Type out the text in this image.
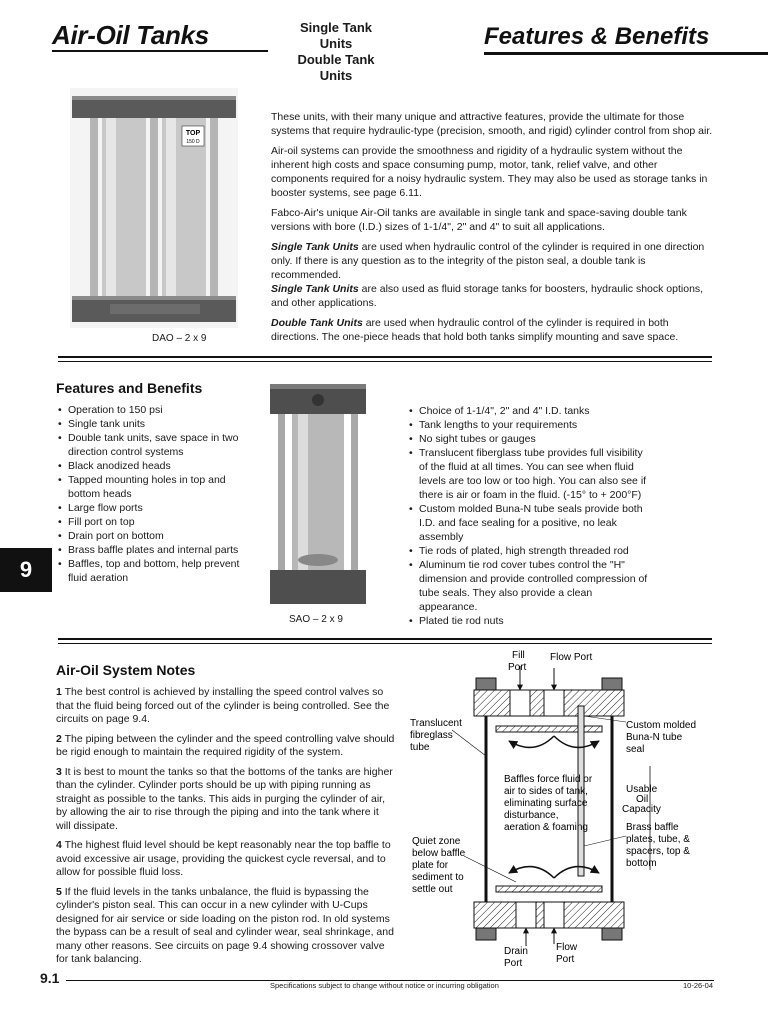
Air-Oil Tanks	Single Tank Units
Double Tank Units
Features & Benefits
TOP
150 D
DAO – 2 x 9

These units, with their many unique and attractive features, provide the ultimate for those systems that require hydraulic-type (precision, smooth, and rigid) cylinder control from shop air.

Air-oil systems can provide the smoothness and rigidity of a hydraulic system without the inherent high costs and space consuming pump, motor, tank, relief valve, and other components required for a noisy hydraulic system. They may also be used as storage tanks in booster systems, see page 6.11.

Fabco-Air's unique Air-Oil tanks are available in single tank and space-saving double tank versions with bore (I.D.) sizes of 1-1/4", 2" and 4" to suit all applications.

Single Tank Units are used when hydraulic control of the cylinder is required in one direction only. If there is any question as to the integrity of the piston seal, a double tank is recommended.
Single Tank Units are also used as fluid storage tanks for boosters, hydraulic shock options, and other applications.

Double Tank Units are used when hydraulic control of the cylinder is required in both directions. The one-piece heads that hold both tanks simplify mounting and save space.

Features and Benefits
• Operation to 150 psi
• Single tank units
• Double tank units, save space in two direction control systems
• Black anodized heads
• Tapped mounting holes in top and bottom heads
• Large flow ports
• Fill port on top
• Drain port on bottom
• Brass baffle plates and internal parts
• Baffles, top and bottom, help prevent fluid aeration
SAO – 2 x 9
• Choice of 1-1/4", 2" and 4" I.D. tanks
• Tank lengths to your requirements
• No sight tubes or gauges
• Translucent fiberglass tube provides full visibility of the fluid at all times. You can see when fluid levels are too low or too high. You can also see if there is air or foam in the fluid. (-15° to + 200°F)
• Custom molded Buna-N tube seals provide both I.D. and face sealing for a positive, no leak assembly
• Tie rods of plated, high strength threaded rod
• Aluminum tie rod cover tubes control the "H" dimension and provide controlled compression of tube seals. They also provide a clean appearance.
• Plated tie rod nuts
9
Air-Oil System Notes

1 The best control is achieved by installing the speed control valves so that the fluid being forced out of the cylinder is being controlled. See the circuits on page 9.4.

2 The piping between the cylinder and the speed controlling valve should be rigid enough to maintain the required rigidity of the system.

3 It is best to mount the tanks so that the bottoms of the tanks are higher than the cylinder. Cylinder ports should be up with piping running as straight as possible to the tanks. This aids in purging the cylinder of air, by allowing the air to rise through the piping and into the tank where it will dissipate.

4 The highest fluid level should be kept reasonably near the top baffle to avoid excessive air usage, providing the quickest cycle reversal, and to allow for possible fluid loss.

5 If the fluid levels in the tanks unbalance, the fluid is bypassing the cylinder's piston seal. This can occur in a new cylinder with U-Cups designed for air service or side loading on the piston rod. In old systems the bypass can be a result of seal and cylinder wear, seal shrinkage, and many other reasons. See circuits on page 9.4 showing crossover valve for tank balancing.

Fill
Port
Flow Port
Translucent
fibreglass
tube
Custom molded
Buna-N tube
seal
Baffles force fluid or
air to sides of tank,
eliminating surface
disturbance,
aeration & foaming
Usable
Oil
Capacity
Quiet zone
below baffle
plate for
sediment to
settle out
Brass baffle
plates, tube, &
spacers, top &
bottom
Drain
Port
Flow
Port
9.1	Specifications subject to change without notice or incurring obligation	10-26-04
